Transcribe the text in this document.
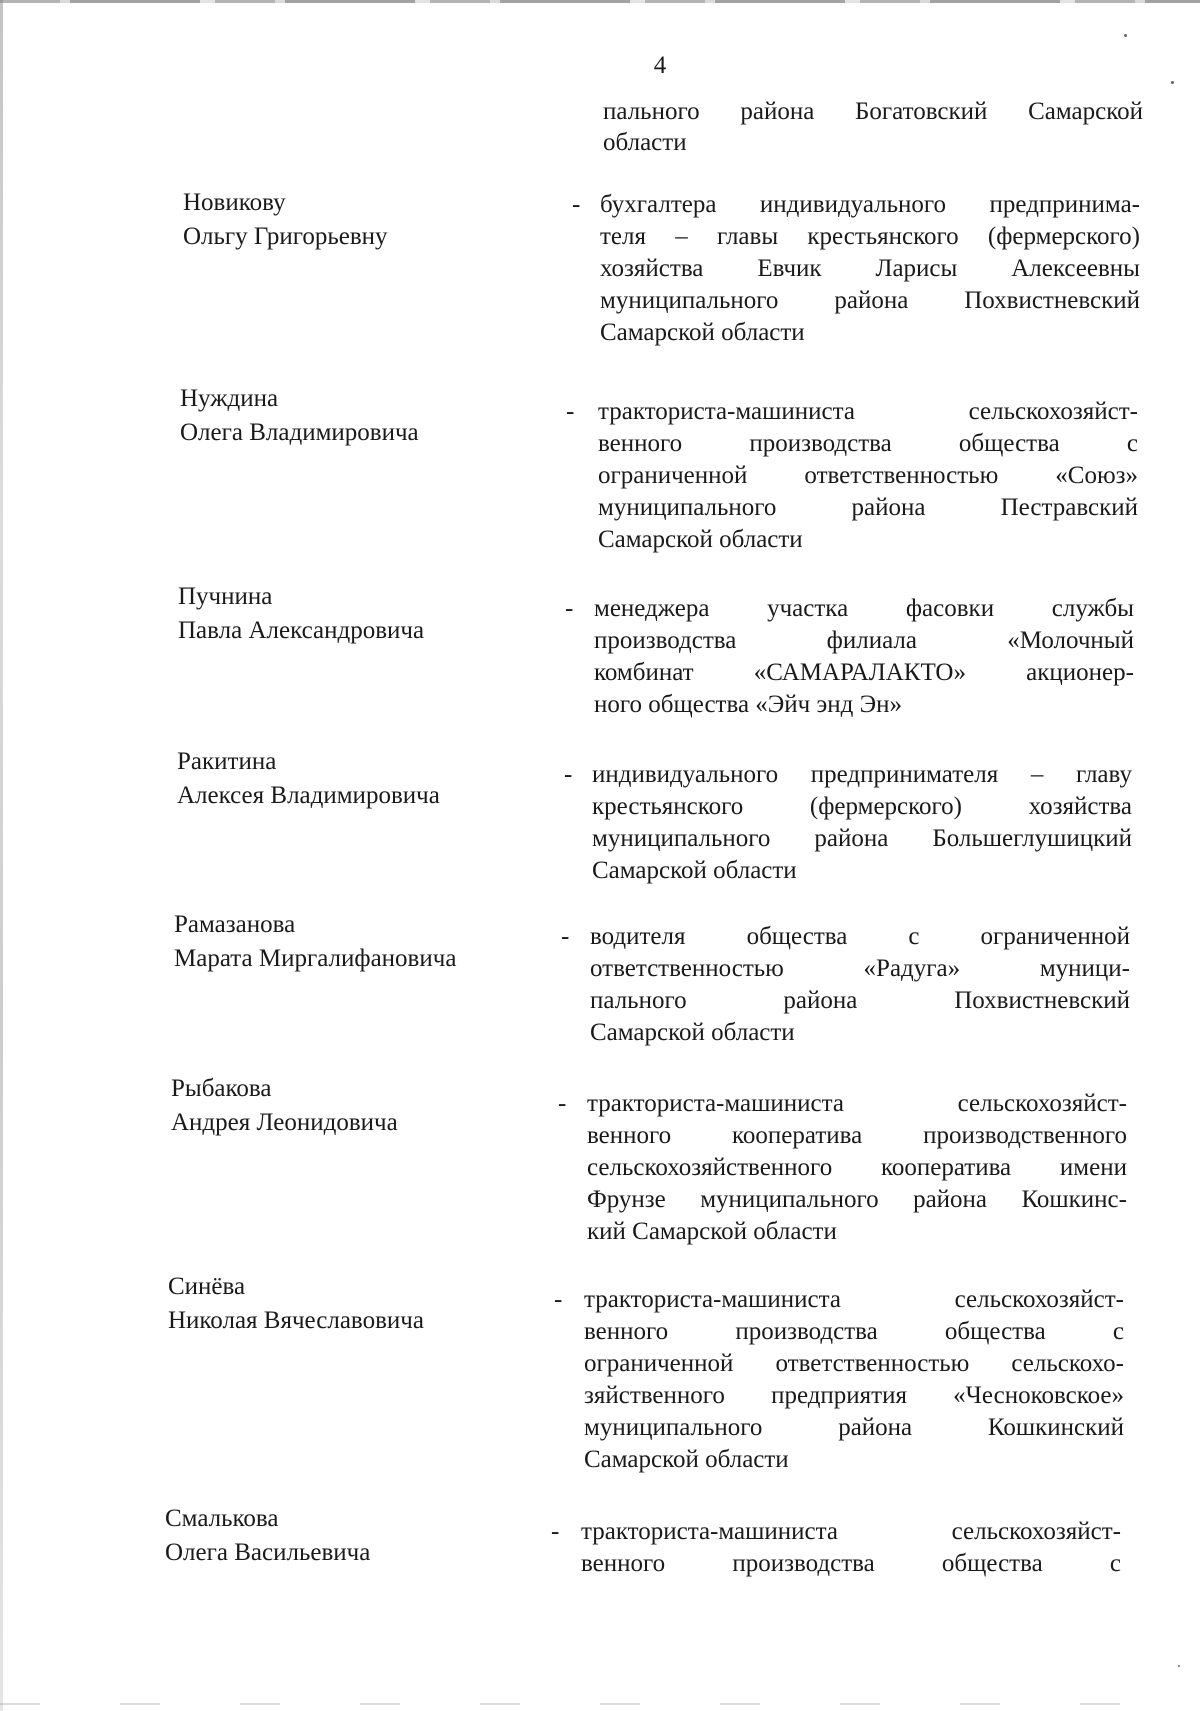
4
пального района Богатовский Самарской
области
Новикову
Ольгу Григорьевну
- бухгалтера индивидуального предпринима-
теля – главы крестьянского (фермерского)
хозяйства Евчик Ларисы Алексеевны
муниципального района Похвистневский
Самарской области
Нуждина
Олега Владимировича
- тракториста-машиниста	сельскохозяйст-
венного	производства	общества	с
ограниченной ответственностью «Союз»
муниципального	района	Пестравский
Самарской области
Пучнина
Павла Александровича
- менеджера участка фасовки службы
производства	филиала	«Молочный
комбинат «САМАРАЛАКТО» акционер-
ного общества «Эйч энд Эн»
Ракитина
Алексея Владимировича
- индивидуального предпринимателя – главу
крестьянского	(фермерского)	хозяйства
муниципального района Большеглушицкий
Самарской области
Рамазанова
Марата Миргалифановича
- водителя общества с ограниченной
ответственностью	«Радуга»	муници-
пального	района	Похвистневский
Самарской области
Рыбакова
Андрея Леонидовича
- тракториста-машиниста	сельскохозяйст-
венного кооператива производственного
сельскохозяйственного кооператива имени
Фрунзе муниципального района Кошкинс-
кий Самарской области
Синёва
Николая Вячеславовича
- тракториста-машиниста	сельскохозяйст-
венного	производства	общества	с
ограниченной ответственностью сельскохо-
зяйственного предприятия «Чесноковское»
муниципального	района	Кошкинский
Самарской области
Смалькова
Олега Васильевича
- тракториста-машиниста	сельскохозяйст-
венного	производства	общества	с
